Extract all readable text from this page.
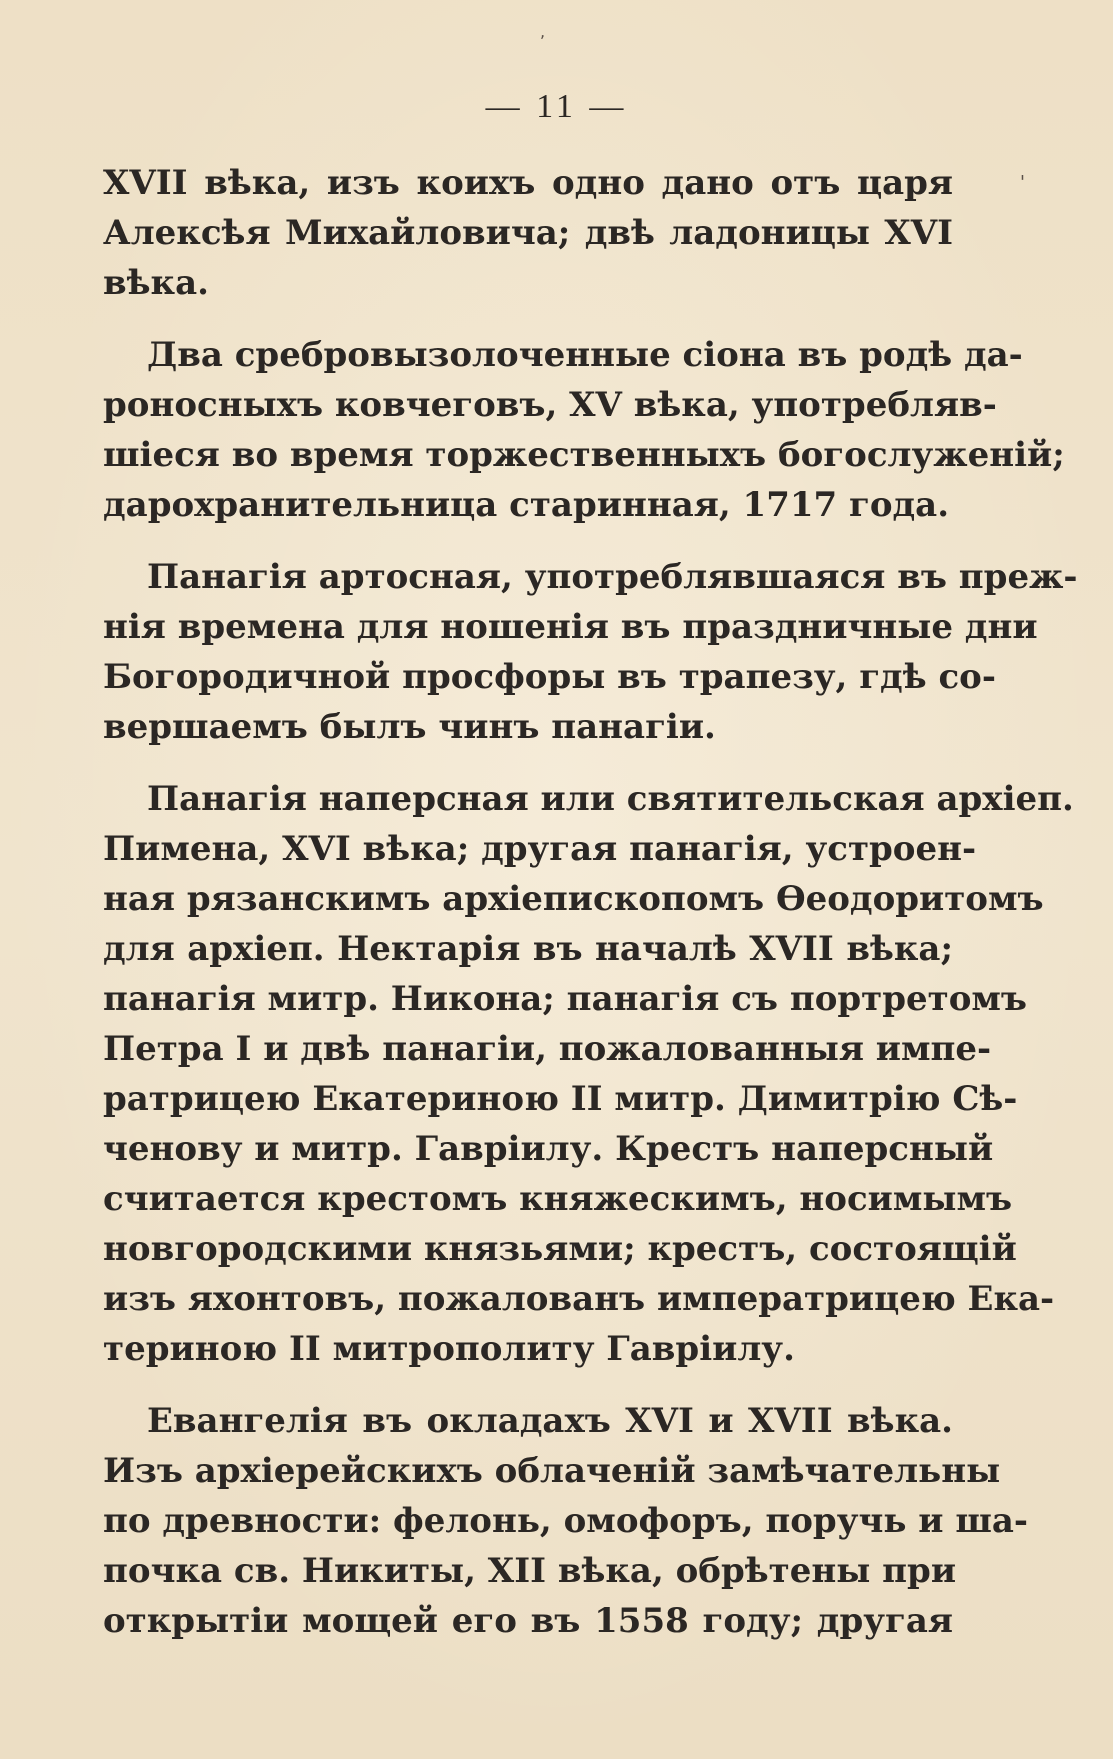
'
,
— 11 —
XVII вѣка, изъ коихъ одно дано отъ царя
Алексѣя Михайловича; двѣ ладоницы XVI
вѣка.
Два сребровызолоченные сіона въ родѣ да-
роносныхъ ковчеговъ, XV вѣка, употребляв-
шіеся во время торжественныхъ богослуженій;
дарохранительница старинная, 1717 года.
Панагія артосная, употреблявшаяся въ преж-
нія времена для ношенія въ праздничные дни
Богородичной просфоры въ трапезу, гдѣ со-
вершаемъ былъ чинъ панагіи.
Панагія наперсная или святительская архіеп.
Пимена, XVI вѣка; другая панагія, устроен-
ная рязанскимъ архіепископомъ Ѳеодоритомъ
для архіеп. Нектарія въ началѣ XVII вѣка;
панагія митр. Никона; панагія съ портретомъ
Петра I и двѣ панагіи, пожалованныя импе-
ратрицею Екатериною II митр. Димитрію Сѣ-
ченову и митр. Гавріилу. Крестъ наперсный
считается крестомъ княжескимъ, носимымъ
новгородскими князьями; крестъ, состоящій
изъ яхонтовъ, пожалованъ императрицею Ека-
териною II митрополиту Гавріилу.
Евангелія въ окладахъ XVI и XVII вѣка.
Изъ архіерейскихъ облаченій замѣчательны
по древности: фелонь, омофоръ, поручь и ша-
почка св. Никиты, XII вѣка, обрѣтены при
открытіи мощей его въ 1558 году; другая
